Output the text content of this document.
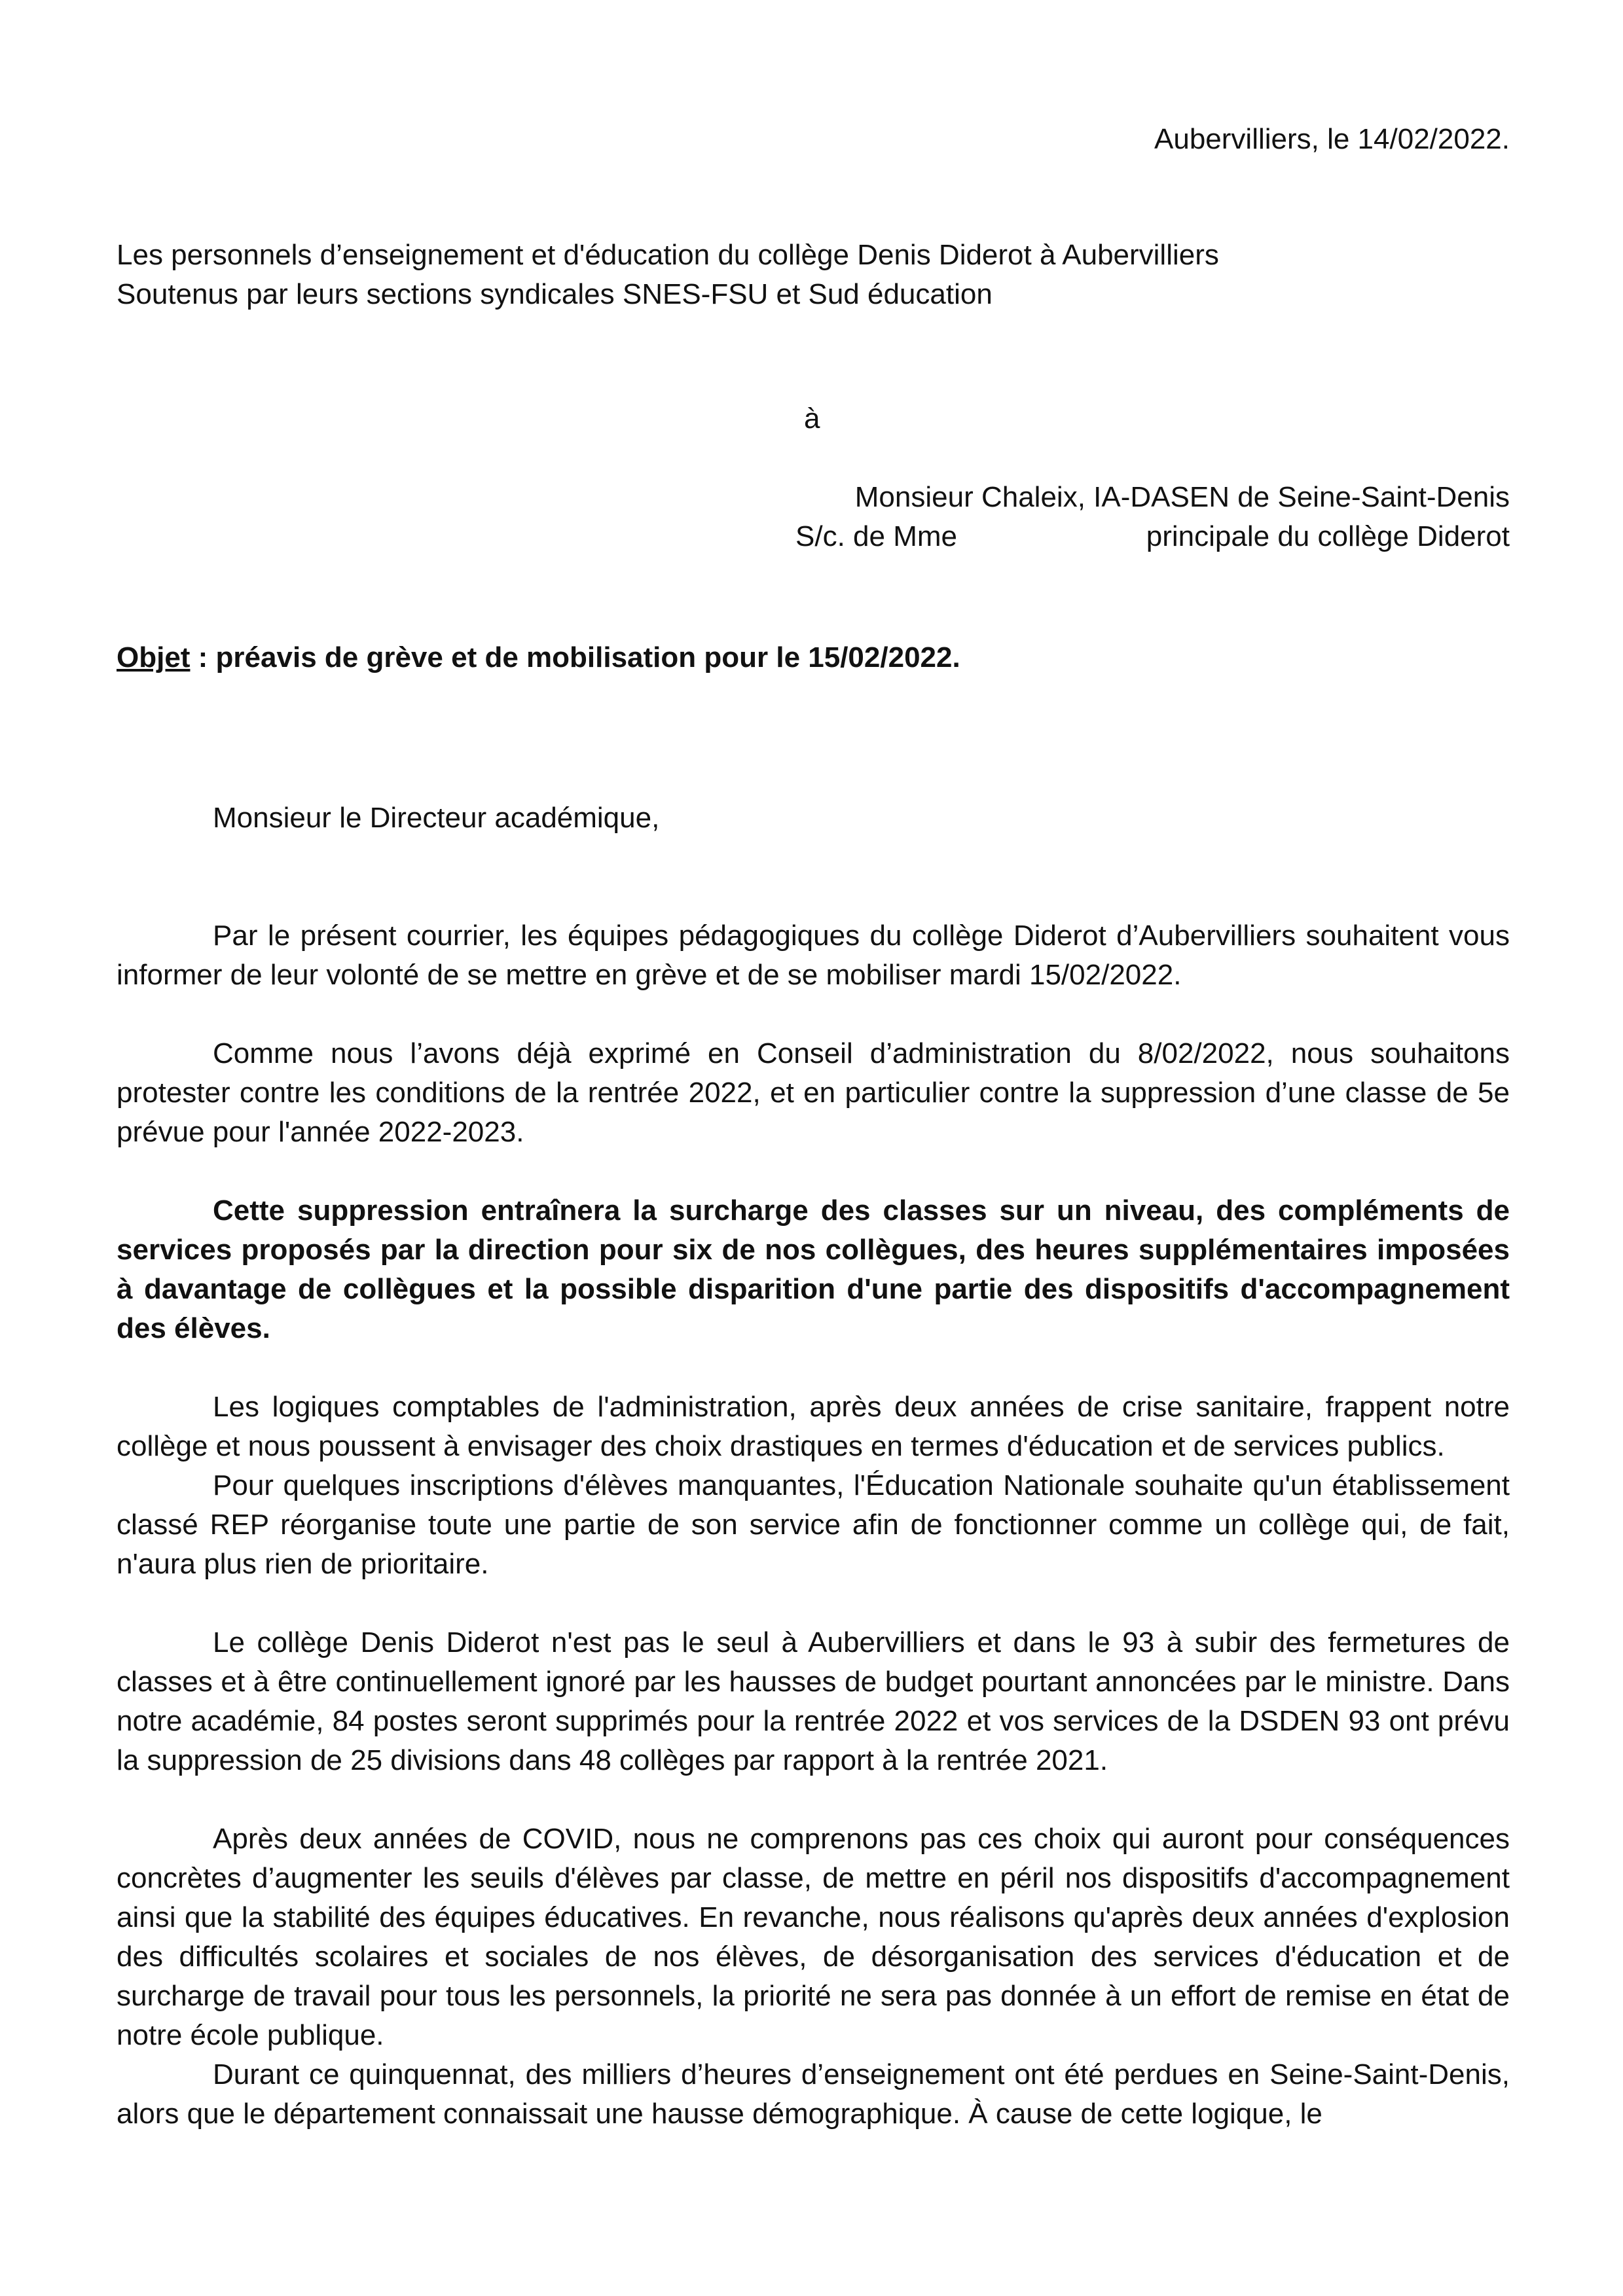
Aubervilliers, le 14/02/2022.
Les personnels d’enseignement et d'éducation du collège Denis Diderot à Aubervilliers
Soutenus par leurs sections syndicales SNES-FSU et Sud éducation
à
Monsieur Chaleix, IA-DASEN de Seine-Saint-Denis
S/c. de Mme	principale du collège Diderot
Objet : préavis de grève et de mobilisation pour le 15/02/2022.
Monsieur le Directeur académique,

Par le présent courrier, les équipes pédagogiques du collège Diderot d’Aubervilliers souhaitent vous informer de leur volonté de se mettre en grève et de se mobiliser mardi 15/02/2022.

Comme nous l’avons déjà exprimé en Conseil d’administration du 8/02/2022, nous souhaitons protester contre les conditions de la rentrée 2022, et en particulier contre la suppression d’une classe de 5e prévue pour l'année 2022-2023.

Cette suppression entraînera la surcharge des classes sur un niveau, des compléments de services proposés par la direction pour six de nos collègues, des heures supplémentaires imposées à davantage de collègues et la possible disparition d'une partie des dispositifs d'accompagnement des élèves.

Les logiques comptables de l'administration, après deux années de crise sanitaire, frappent notre collège et nous poussent à envisager des choix drastiques en termes d'éducation et de services publics.

Pour quelques inscriptions d'élèves manquantes, l'Éducation Nationale souhaite qu'un établissement classé REP réorganise toute une partie de son service afin de fonctionner comme un collège qui, de fait, n'aura plus rien de prioritaire.

Le collège Denis Diderot n'est pas le seul à Aubervilliers et dans le 93 à subir des fermetures de classes et à être continuellement ignoré par les hausses de budget pourtant annoncées par le ministre. Dans notre académie, 84 postes seront supprimés pour la rentrée 2022 et vos services de la DSDEN 93 ont prévu la suppression de 25 divisions dans 48 collèges par rapport à la rentrée 2021.

Après deux années de COVID, nous ne comprenons pas ces choix qui auront pour conséquences concrètes d’augmenter les seuils d'élèves par classe, de mettre en péril nos dispositifs d'accompagnement ainsi que la stabilité des équipes éducatives. En revanche, nous réalisons qu'après deux années d'explosion des difficultés scolaires et sociales de nos élèves, de désorganisation des services d'éducation et de surcharge de travail pour tous les personnels, la priorité ne sera pas donnée à un effort de remise en état de notre école publique.

Durant ce quinquennat, des milliers d’heures d’enseignement ont été perdues en Seine-Saint-Denis, alors que le département connaissait une hausse démographique. À cause de cette logique, le
